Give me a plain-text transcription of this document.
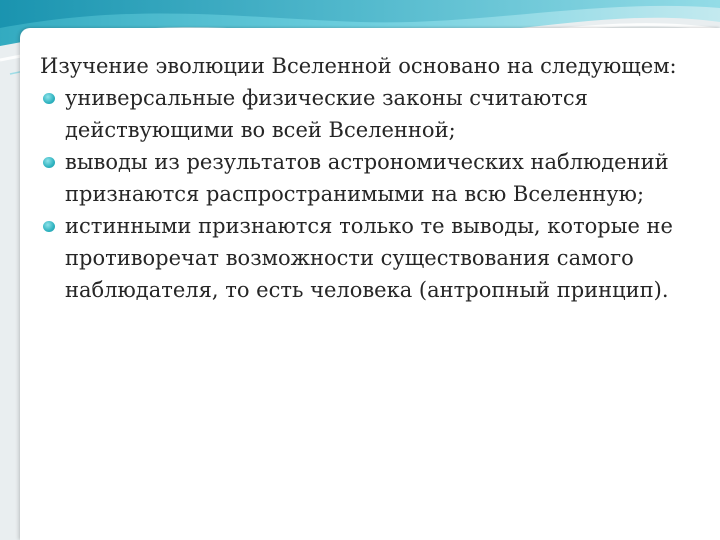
Изучение эволюции Вселенной основано на следующем:

универсальные физические законы считаются действующими во всей Вселенной;
выводы из результатов астрономических наблюдений признаются распространимыми на всю Вселенную;
истинными признаются только те выводы, которые не противоречат возможности существования самого наблюдателя, то есть человека (антропный принцип).
